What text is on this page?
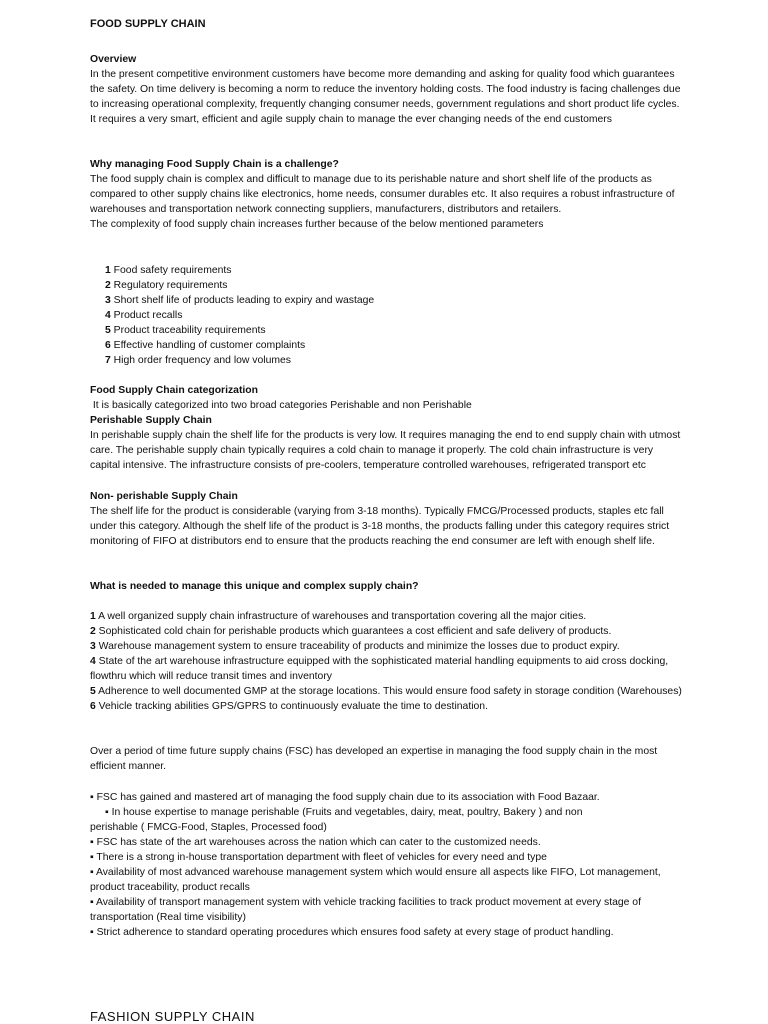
FOOD SUPPLY CHAIN
Overview

In the present competitive environment customers have become more demanding and asking for quality food which guarantees the safety. On time delivery is becoming a norm to reduce the inventory holding costs. The food industry is facing challenges due to increasing operational complexity, frequently changing consumer needs, government regulations and short product life cycles. It requires a very smart, efficient and agile supply chain to manage the ever changing needs of the end customers

Why managing Food Supply Chain is a challenge?

The food supply chain is complex and difficult to manage due to its perishable nature and short shelf life of the products as compared to other supply chains like electronics, home needs, consumer durables etc. It also requires a robust infrastructure of warehouses and transportation network connecting suppliers, manufacturers, distributors and retailers.

The complexity of food supply chain increases further because of the below mentioned parameters

1 Food safety requirements
2 Regulatory requirements
3 Short shelf life of products leading to expiry and wastage
4 Product recalls
5 Product traceability requirements
6 Effective handling of customer complaints
7 High order frequency and low volumes
Food Supply Chain categorization
It is basically categorized into two broad categories Perishable and non Perishable
Perishable Supply Chain

In perishable supply chain the shelf life for the products is very low. It requires managing the end to end supply chain with utmost care. The perishable supply chain typically requires a cold chain to manage it properly. The cold chain infrastructure is very capital intensive. The infrastructure consists of pre-coolers, temperature controlled warehouses, refrigerated transport etc

Non- perishable Supply Chain

The shelf life for the product is considerable (varying from 3-18 months). Typically FMCG/Processed products, staples etc fall under this category. Although the shelf life of the product is 3-18 months, the products falling under this category requires strict monitoring of FIFO at distributors end to ensure that the products reaching the end consumer are left with enough shelf life.

What is needed to manage this unique and complex supply chain?
1 A well organized supply chain infrastructure of warehouses and transportation covering all the major cities.
2 Sophisticated cold chain for perishable products which guarantees a cost efficient and safe delivery of products.
3 Warehouse management system to ensure traceability of products and minimize the losses due to product expiry.
4 State of the art warehouse infrastructure equipped with the sophisticated material handling equipments to aid cross docking, flowthru which will reduce transit times and inventory
5 Adherence to well documented GMP at the storage locations. This would ensure food safety in storage condition (Warehouses)
6 Vehicle tracking abilities GPS/GPRS to continuously evaluate the time to destination.

Over a period of time future supply chains (FSC) has developed an expertise in managing the food supply chain in the most efficient manner.

▪ FSC has gained and mastered art of managing the food supply chain due to its association with Food Bazaar.
▪ In house expertise to manage perishable (Fruits and vegetables, dairy, meat, poultry, Bakery ) and non
perishable ( FMCG-Food, Staples, Processed food)
▪ FSC has state of the art warehouses across the nation which can cater to the customized needs.
▪ There is a strong in-house transportation department with fleet of vehicles for every need and type
▪ Availability of most advanced warehouse management system which would ensure all aspects like FIFO, Lot management, product traceability, product recalls
▪ Availability of transport management system with vehicle tracking facilities to track product movement at every stage of transportation (Real time visibility)
▪ Strict adherence to standard operating procedures which ensures food safety at every stage of product handling.
FASHION SUPPLY CHAIN
